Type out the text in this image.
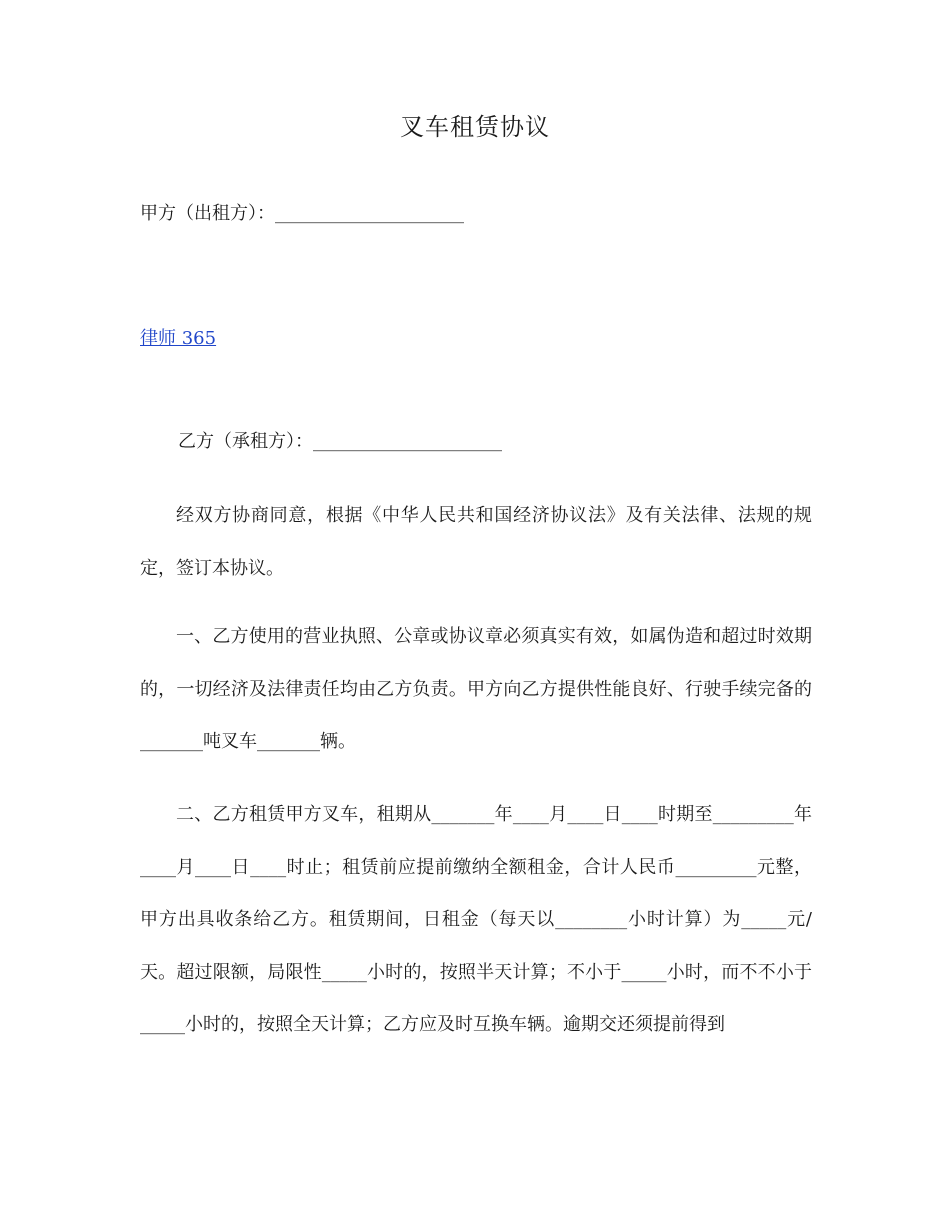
叉车租赁协议
甲方（出租方）：_____________________
律师 365
乙方（承租方）：_____________________
经双方协商同意，根据《中华人民共和国经济协议法》及有关法律、法规的规定，签订本协议。
一、乙方使用的营业执照、公章或协议章必须真实有效，如属伪造和超过时效期的，一切经济及法律责任均由乙方负责。甲方向乙方提供性能良好、行驶手续完备的_______吨叉车_______辆。
二、乙方租赁甲方叉车，租期从_______年____月____日____时期至_________年____月____日____时止；租赁前应提前缴纳全额租金，合计人民币_________元整，甲方出具收条给乙方。租赁期间，日租金（每天以________小时计算）为_____元/天。超过限额，局限性_____小时的，按照半天计算；不小于_____小时，而不不小于_____小时的，按照全天计算；乙方应及时互换车辆。逾期交还须提前得到
